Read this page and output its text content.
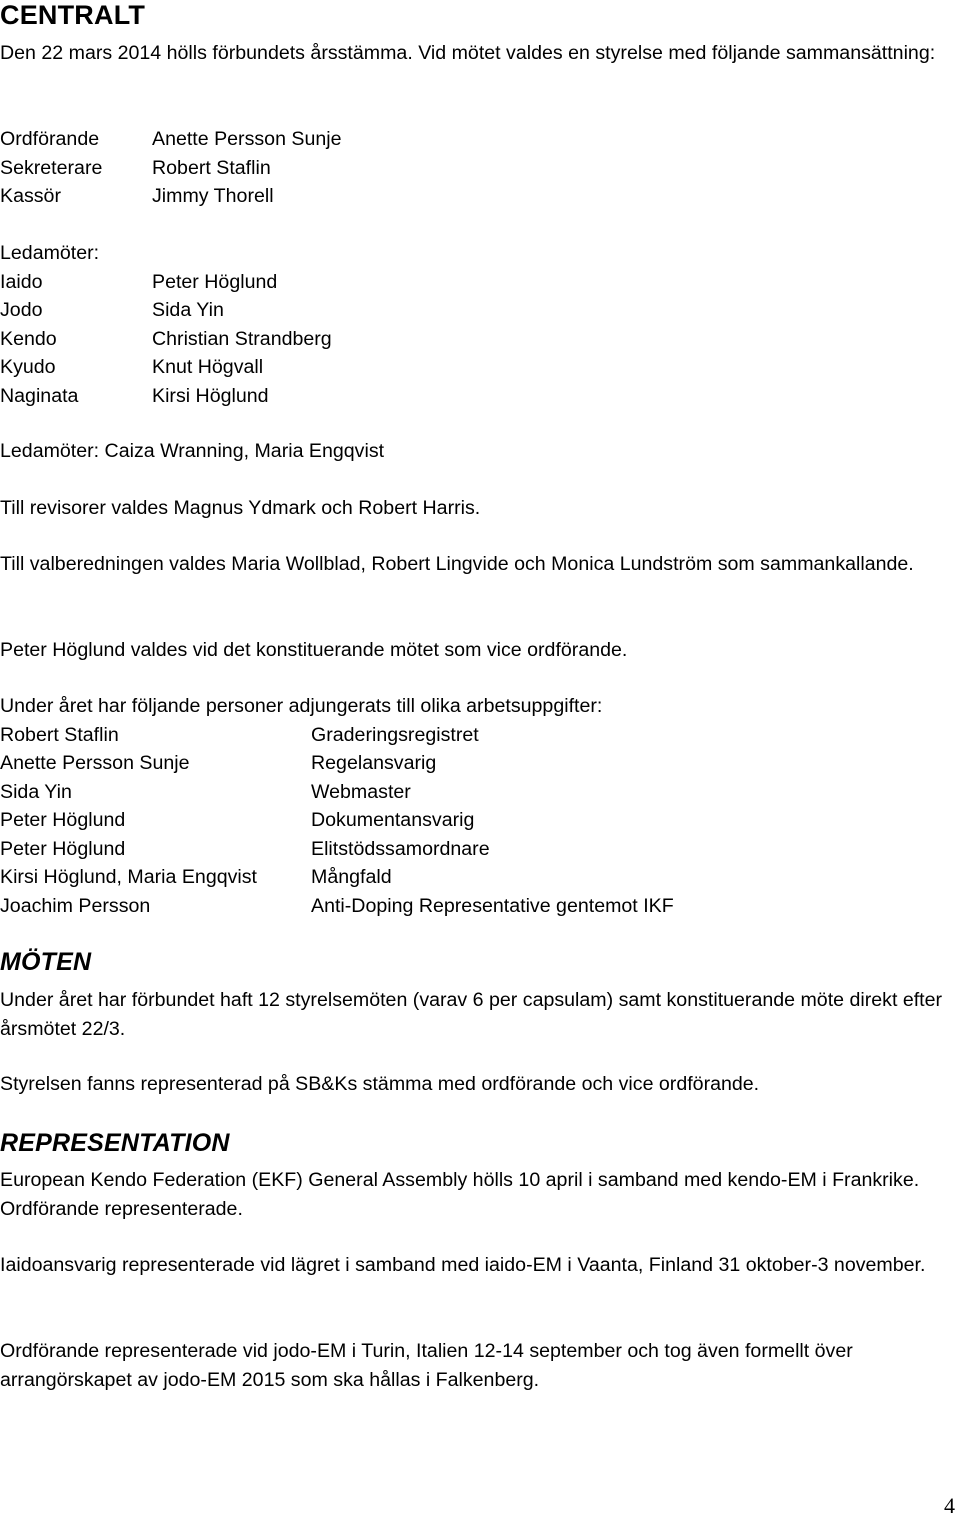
CENTRALT

Den 22 mars 2014 hölls förbundets årsstämma. Vid mötet valdes en styrelse med följande sammansättning:

Ordförande	Anette Persson Sunje
Sekreterare	Robert Staflin
Kassör	Jimmy Thorell
Ledamöter:
Iaido	Peter Höglund
Jodo	Sida Yin
Kendo	Christian Strandberg
Kyudo	Knut Högvall
Naginata	Kirsi Höglund

Ledamöter: Caiza Wranning, Maria Engqvist

Till revisorer valdes Magnus Ydmark och Robert Harris.

Till valberedningen valdes Maria Wollblad, Robert Lingvide och Monica Lundström som sammankallande.

Peter Höglund valdes vid det konstituerande mötet som vice ordförande.

Under året har följande personer adjungerats till olika arbetsuppgifter:
Robert Staflin	Graderingsregistret
Anette Persson Sunje	Regelansvarig
Sida Yin	Webmaster
Peter Höglund	Dokumentansvarig
Peter Höglund	Elitstödssamordnare
Kirsi Höglund, Maria Engqvist	Mångfald
Joachim Persson	Anti-Doping Representative gentemot IKF
MÖTEN

Under året har förbundet haft 12 styrelsemöten (varav 6 per capsulam) samt konstituerande möte direkt efter årsmötet 22/3.

Styrelsen fanns representerad på SB&Ks stämma med ordförande och vice ordförande.

REPRESENTATION

European Kendo Federation (EKF) General Assembly hölls 10 april i samband med kendo-EM i Frankrike. Ordförande representerade.

Iaidoansvarig representerade vid lägret i samband med iaido-EM i Vaanta, Finland 31 oktober-3 november.

Ordförande representerade vid jodo-EM i Turin, Italien 12-14 september och tog även formellt över arrangörskapet av jodo-EM 2015 som ska hållas i Falkenberg.

4
